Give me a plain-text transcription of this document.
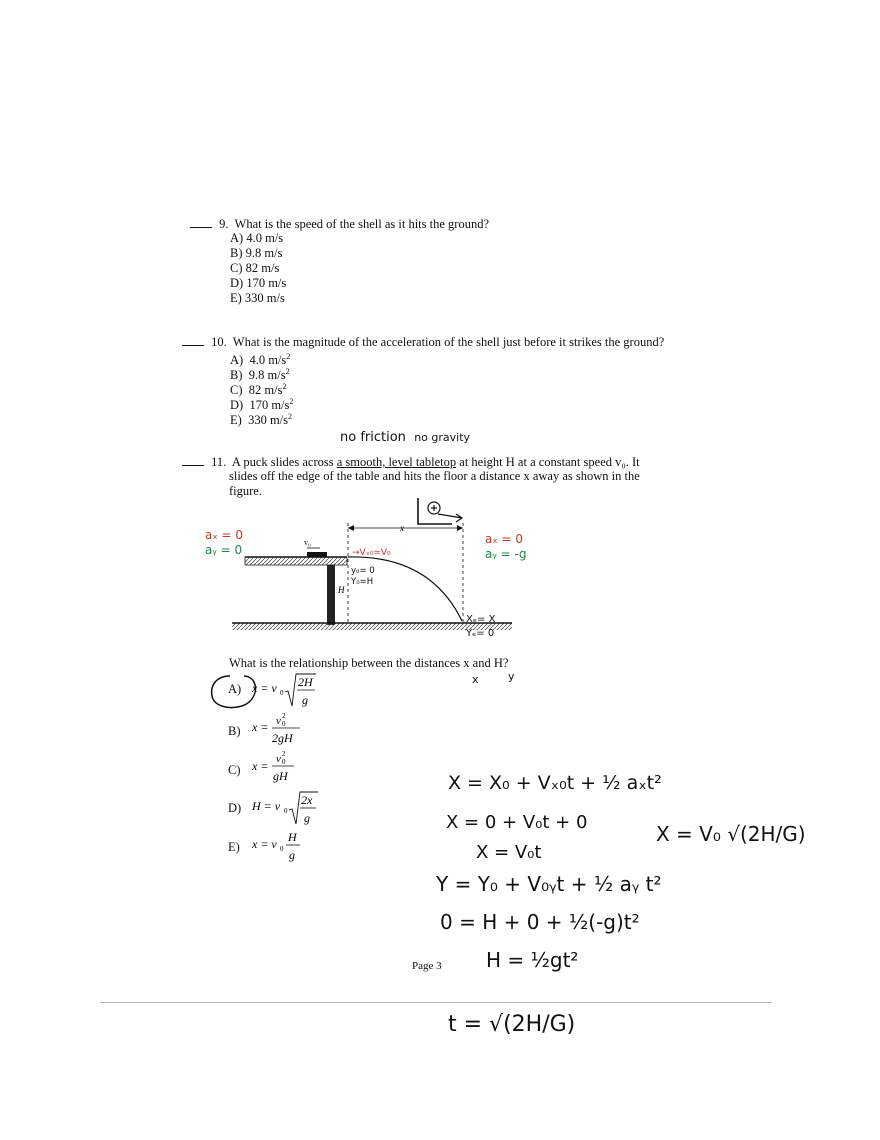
9. What is the speed of the shell as it hits the ground?
A) 4.0 m/s
B) 9.8 m/s
C) 82 m/s
D) 170 m/s
E) 330 m/s
10. What is the magnitude of the acceleration of the shell just before it strikes the ground?
A) 4.0 $m/s^2$
B) 9.8 $m/s^2$
C) 82 $m/s^2$
D) 170 $m/s^2$
E) 330 $m/s^2$
no friction no gravity
11. A puck slides across a smooth, level tabletop at height H at a constant speed v₀. It
slides off the edge of the table and hits the floor a distance x away as shown in the
figure.
v₀
x
H
aₓ = 0
aᵧ = 0
aₓ = 0
aᵧ = -g
→Vₓ₀=V₀
y₀= 0
Y₀=H
Xₑ= X
Yₑ= 0
What is the relationship between the distances x and H?
x	y
A) x = v 0
2H
g
B) x = v 0
2
2gH
C) x = v 0
2
gH
D) H = v 0
2x
g
E) x = v 0
H
g
X = X₀ + Vₓ₀t + ½ aₓt²
X = 0 + V₀t + 0
X = V₀t
Y = Y₀ + V₀ᵧt + ½ aᵧ t²
0 = H + 0 + ½(-g)t²
H = ½gt²
t = √(2H/G)
X = V₀ √(2H/G)
Page 3
